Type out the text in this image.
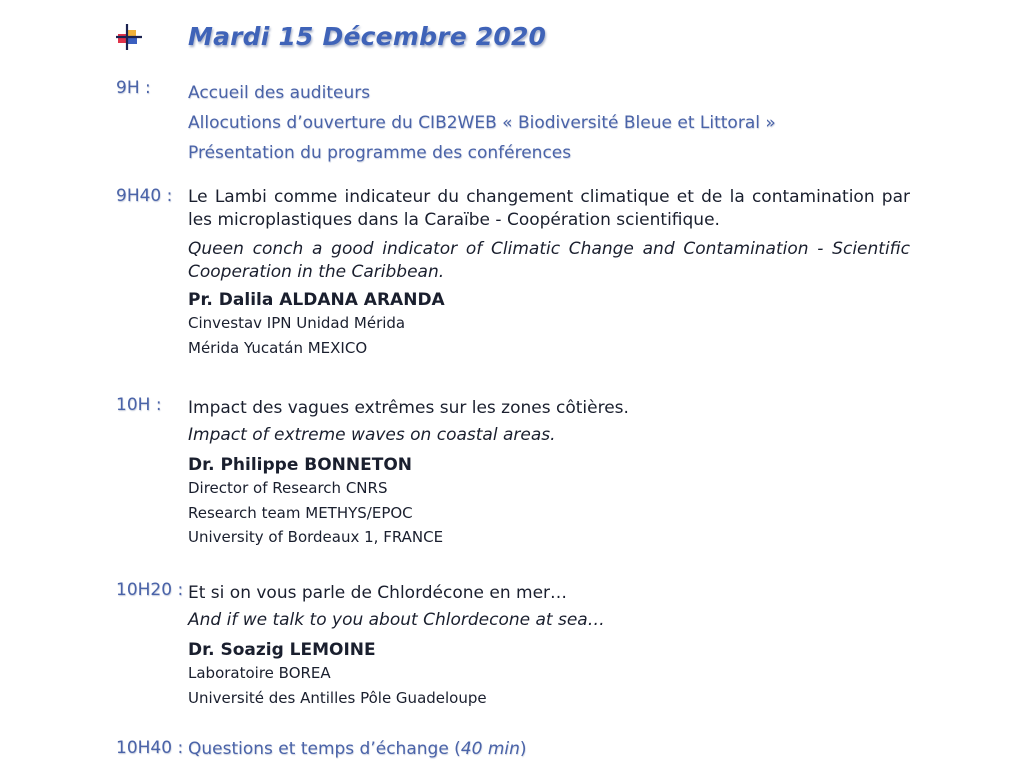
Mardi 15 Décembre 2020
9H : Accueil des auditeurs
Allocutions d’ouverture du CIB2WEB « Biodiversité Bleue et Littoral »
Présentation du programme des conférences
9H40 : Le Lambi comme indicateur du changement climatique et de la contamination par les microplastiques dans la Caraïbe - Coopération scientifique.
Queen conch a good indicator of Climatic Change and Contamination - Scientific Cooperation in the Caribbean.
Pr. Dalila ALDANA ARANDA
Cinvestav IPN Unidad Mérida
Mérida Yucatán MEXICO
10H : Impact des vagues extrêmes sur les zones côtières.
Impact of extreme waves on coastal areas.
Dr. Philippe BONNETON
Director of Research CNRS
Research team METHYS/EPOC
University of Bordeaux 1, FRANCE
10H20 : Et si on vous parle de Chlordécone en mer…
And if we talk to you about Chlordecone at sea…
Dr. Soazig LEMOINE
Laboratoire BOREA
Université des Antilles Pôle Guadeloupe
10H40 : Questions et temps d’échange (40 min)
